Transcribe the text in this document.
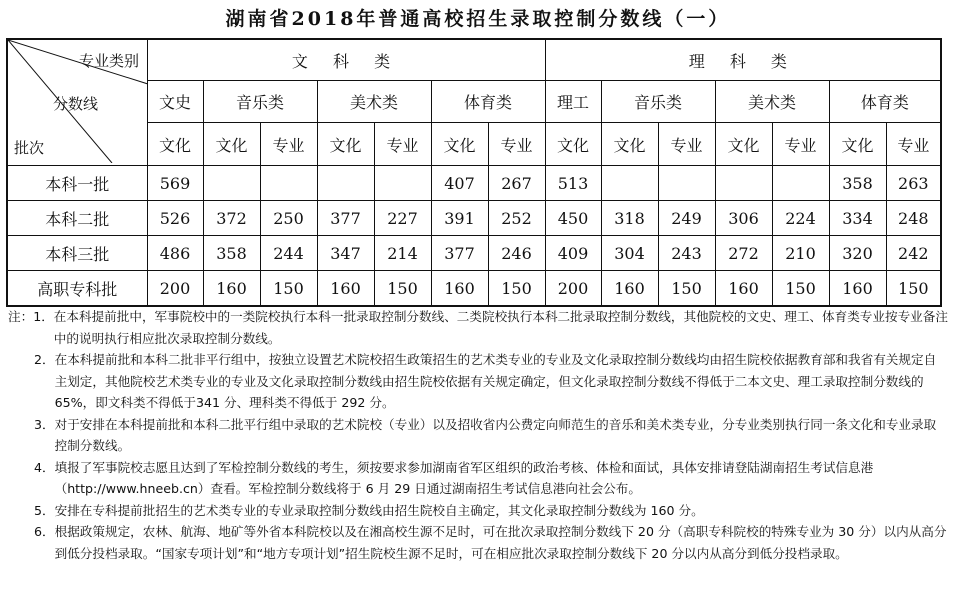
湖南省2018年普通高校招生录取控制分数线（一）
专业类别
分数线
批次	文 科 类							理 科 类						
	文史	音乐类		美术类		体育类		理工	音乐类		美术类		体育类	
	文化	文化	专业	文化	专业	文化	专业	文化	文化	专业	文化	专业	文化	专业
本科一批	569					407	267	513					358	263
本科二批	526	372	250	377	227	391	252	450	318	249	306	224	334	248
本科三批	486	358	244	347	214	377	246	409	304	243	272	210	320	242
高职专科批	200	160	150	160	150	160	150	200	160	150	160	150	160	150
注：1． 在本科提前批中，军事院校中的一类院校执行本科一批录取控制分数线、二类院校执行本科二批录取控制分数线，其他院校的文史、理工、体育类专业按专业备注中的说明执行相应批次录取控制分数线。
2． 在本科提前批和本科二批非平行组中，按独立设置艺术院校招生政策招生的艺术类专业的专业及文化录取控制分数线均由招生院校依据教育部和我省有关规定自主划定，其他院校艺术类专业的专业及文化录取控制分数线由招生院校依据有关规定确定，但文化录取控制分数线不得低于二本文史、理工录取控制分数线的65%，即文科类不得低于341 分、理科类不得低于 292 分。
3． 对于安排在本科提前批和本科二批平行组中录取的艺术院校（专业）以及招收省内公费定向师范生的音乐和美术类专业，分专业类别执行同一条文化和专业录取控制分数线。
4． 填报了军事院校志愿且达到了军检控制分数线的考生，须按要求参加湖南省军区组织的政治考核、体检和面试，具体安排请登陆湖南招生考试信息港（http://www.hneeb.cn）查看。军检控制分数线将于 6 月 29 日通过湖南招生考试信息港向社会公布。
5． 安排在专科提前批招生的艺术类专业的专业录取控制分数线由招生院校自主确定，其文化录取控制分数线为 160 分。
6． 根据政策规定，农林、航海、地矿等外省本科院校以及在湘高校生源不足时，可在批次录取控制分数线下 20 分（高职专科院校的特殊专业为 30 分）以内从高分到低分投档录取。“国家专项计划”和“地方专项计划”招生院校生源不足时，可在相应批次录取控制分数线下 20 分以内从高分到低分投档录取。
